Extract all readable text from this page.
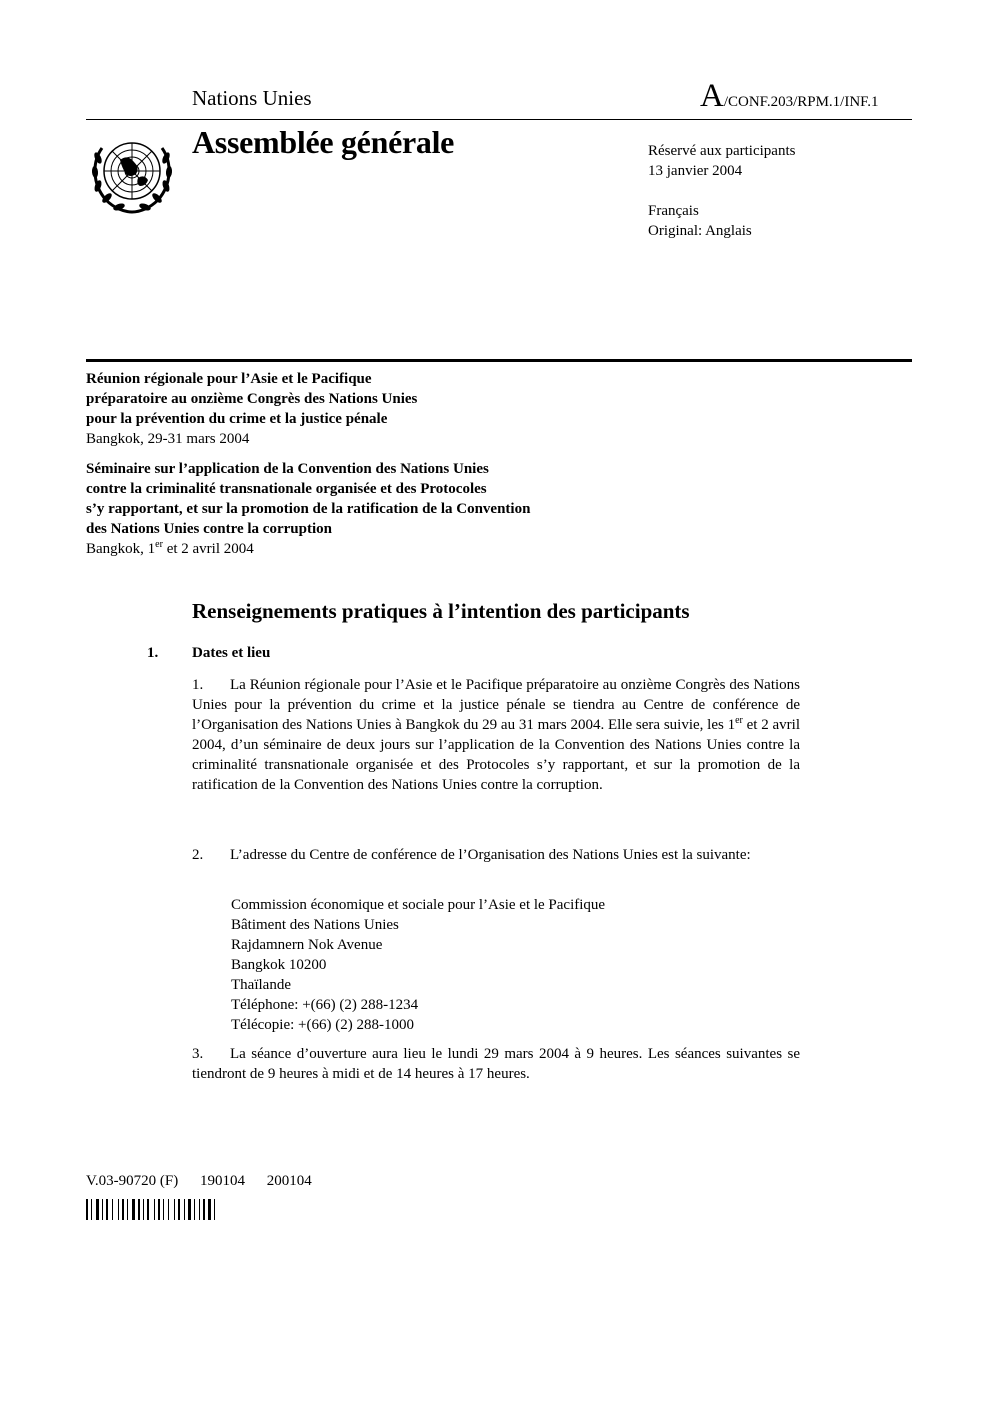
Nations Unies	A/CONF.203/RPM.1/INF.1
Assemblée générale	Réservé aux participants
13 janvier 2004
Français
Original: Anglais
Réunion régionale pour l’Asie et le Pacifique
préparatoire au onzième Congrès des Nations Unies
pour la prévention du crime et la justice pénale
Bangkok, 29-31 mars 2004
Séminaire sur l’application de la Convention des Nations Unies
contre la criminalité transnationale organisée et des Protocoles
s’y rapportant, et sur la promotion de la ratification de la Convention
des Nations Unies contre la corruption
Bangkok, 1er et 2 avril 2004
Renseignements pratiques à l’intention des participants
1. Dates et lieu
1. La Réunion régionale pour l’Asie et le Pacifique préparatoire au onzième Congrès des Nations Unies pour la prévention du crime et la justice pénale se tiendra au Centre de conférence de l’Organisation des Nations Unies à Bangkok du 29 au 31 mars 2004. Elle sera suivie, les 1er et 2 avril 2004, d’un séminaire de deux jours sur l’application de la Convention des Nations Unies contre la criminalité transnationale organisée et des Protocoles s’y rapportant, et sur la promotion de la ratification de la Convention des Nations Unies contre la corruption.
2. L’adresse du Centre de conférence de l’Organisation des Nations Unies est la suivante:
Commission économique et sociale pour l’Asie et le Pacifique
Bâtiment des Nations Unies
Rajdamnern Nok Avenue
Bangkok 10200
Thaïlande
Téléphone: +(66) (2) 288-1234
Télécopie: +(66) (2) 288-1000
3. La séance d’ouverture aura lieu le lundi 29 mars 2004 à 9 heures. Les séances suivantes se tiendront de 9 heures à midi et de 14 heures à 17 heures.
V.03-90720 (F) 190104 200104
